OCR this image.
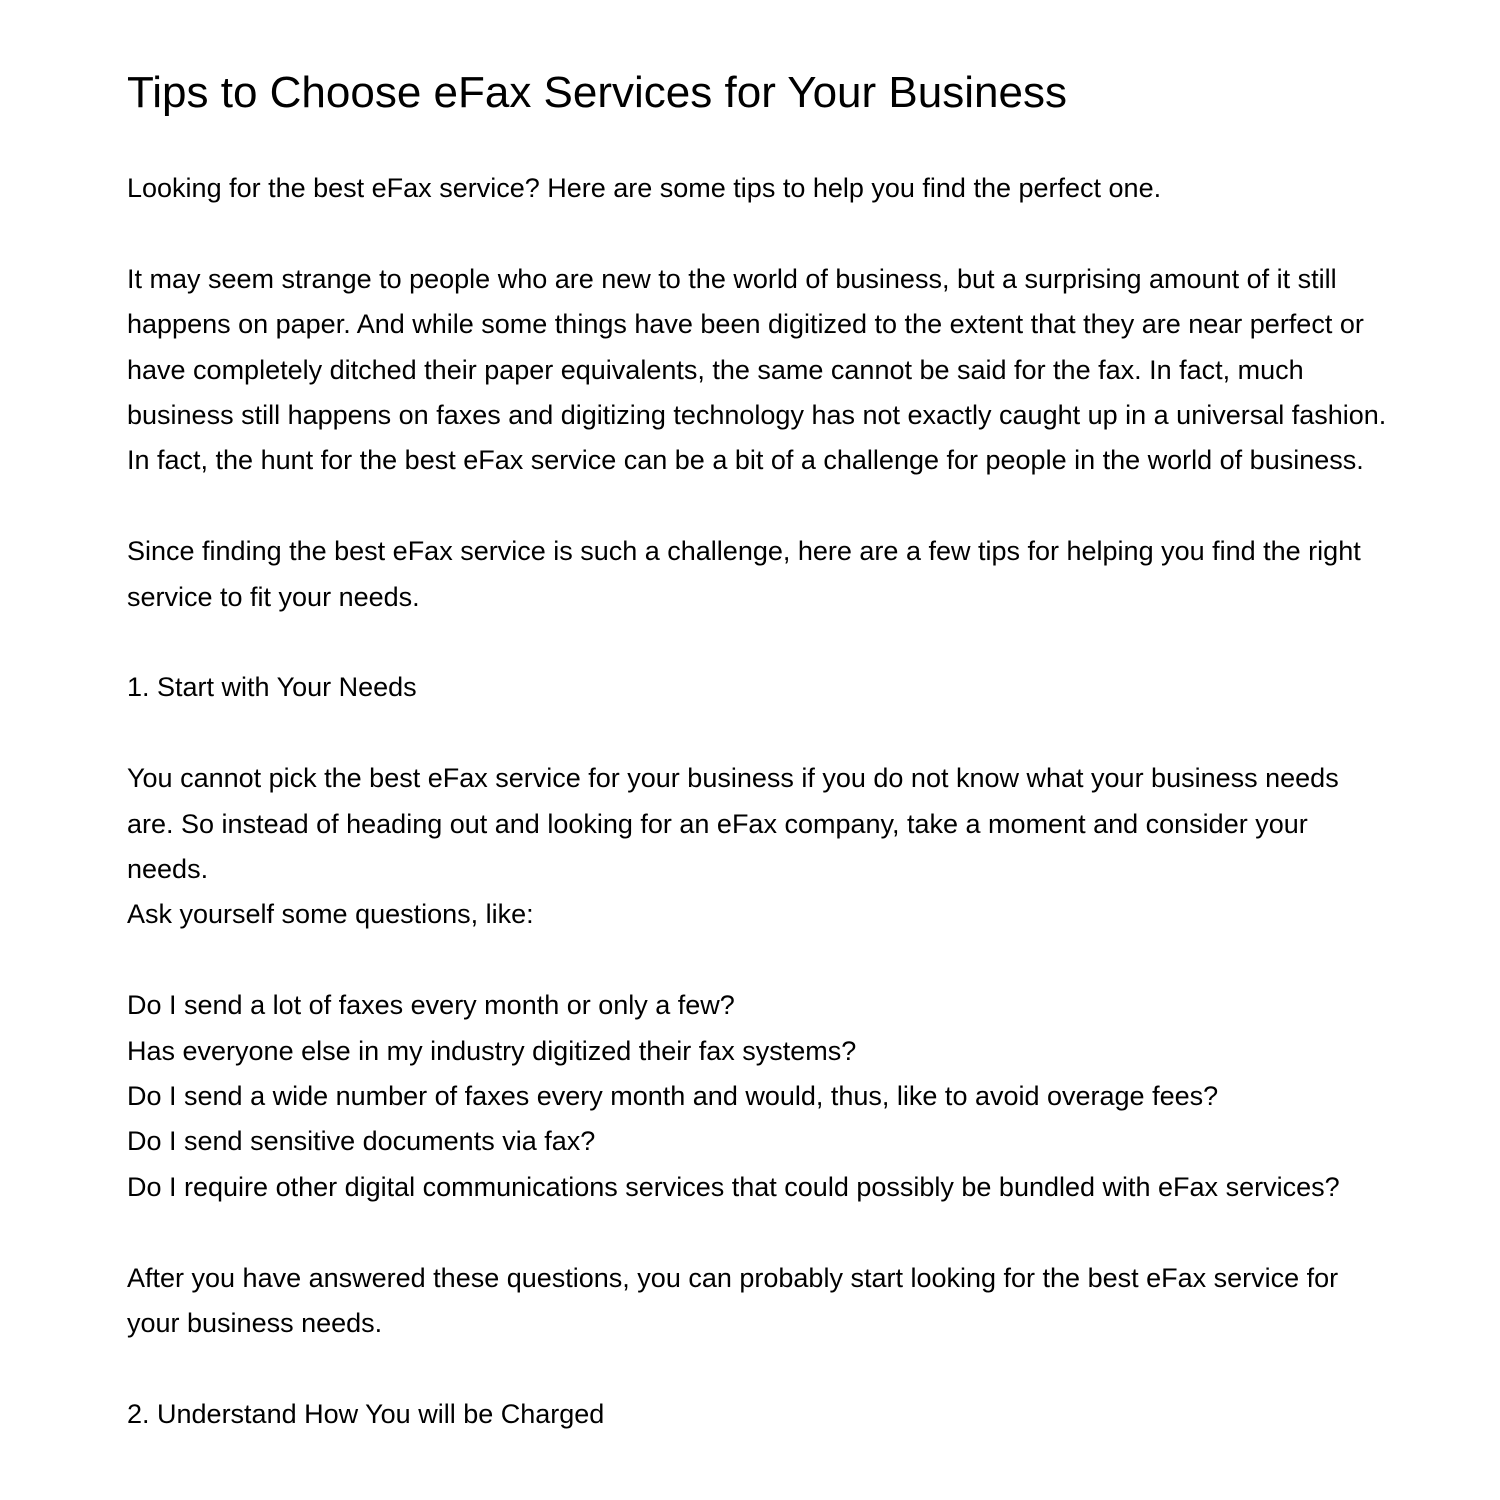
Tips to Choose eFax Services for Your Business

Looking for the best eFax service? Here are some tips to help you find the perfect one.

It may seem strange to people who are new to the world of business, but a surprising amount of it still happens on paper. And while some things have been digitized to the extent that they are near perfect or have completely ditched their paper equivalents, the same cannot be said for the fax. In fact, much business still happens on faxes and digitizing technology has not exactly caught up in a universal fashion. In fact, the hunt for the best eFax service can be a bit of a challenge for people in the world of business.

Since finding the best eFax service is such a challenge, here are a few tips for helping you find the right service to fit your needs.

1. Start with Your Needs

You cannot pick the best eFax service for your business if you do not know what your business needs are. So instead of heading out and looking for an eFax company, take a moment and consider your needs.

Ask yourself some questions, like:

Do I send a lot of faxes every month or only a few?

Has everyone else in my industry digitized their fax systems?

Do I send a wide number of faxes every month and would, thus, like to avoid overage fees?

Do I send sensitive documents via fax?

Do I require other digital communications services that could possibly be bundled with eFax services?

After you have answered these questions, you can probably start looking for the best eFax service for your business needs.

2. Understand How You will be Charged
